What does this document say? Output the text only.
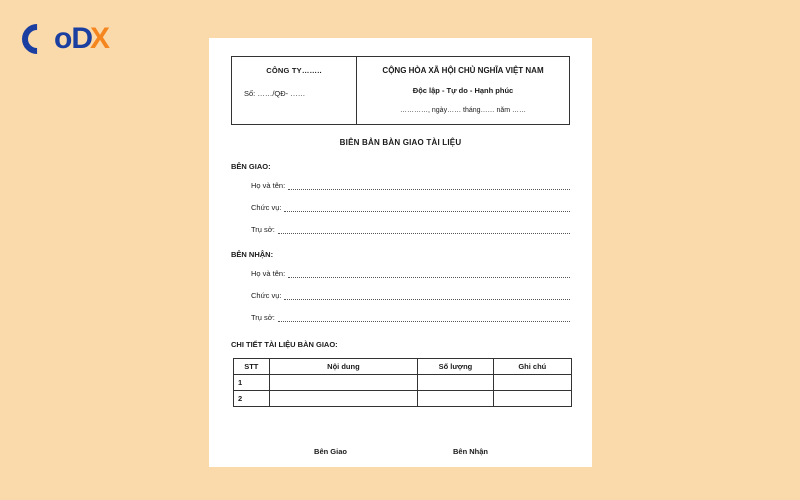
o D
X
CÔNG TY……..
Số: ……/QĐ- ……

CỘNG HÒA XÃ HỘI CHỦ NGHĨA VIỆT NAM
Độc lập - Tự do - Hạnh phúc
…………, ngày…… tháng…… năm ……
BIÊN BẢN BÀN GIAO TÀI LIỆU
BÊN GIAO:
Họ và tên:
Chức vụ:
Trụ sở:
BÊN NHẬN:
Họ và tên:
Chức vụ:
Trụ sở:
CHI TIẾT TÀI LIỆU BÀN GIAO:
STT	Nội dung	Số lượng	Ghi chú
1			
2			
Bên Giao	Bên Nhận
